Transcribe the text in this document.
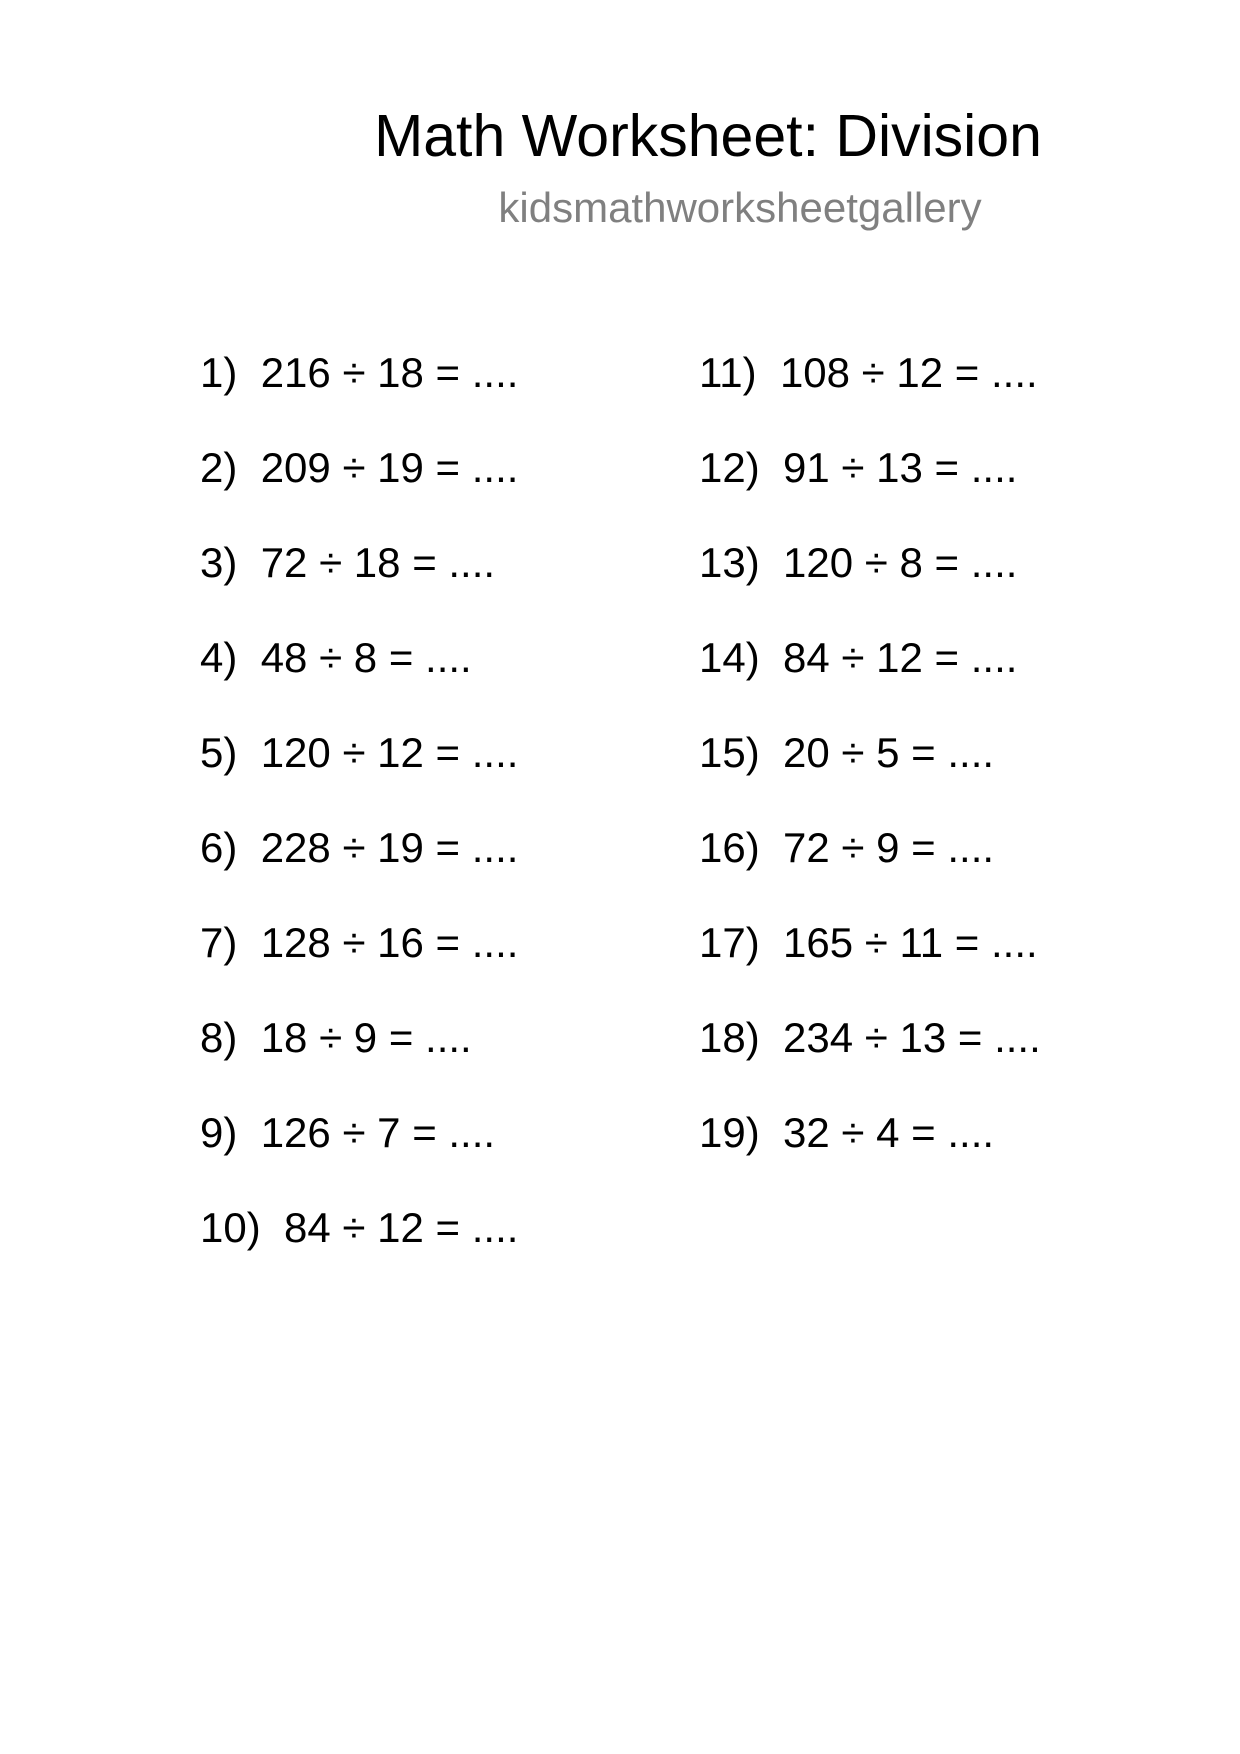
Math Worksheet: Division
kidsmathworksheetgallery
1) 216 ÷ 18 = ....
2) 209 ÷ 19 = ....
3) 72 ÷ 18 = ....
4) 48 ÷ 8 = ....
5) 120 ÷ 12 = ....
6) 228 ÷ 19 = ....
7) 128 ÷ 16 = ....
8) 18 ÷ 9 = ....
9) 126 ÷ 7 = ....
10) 84 ÷ 12 = ....
11) 108 ÷ 12 = ....
12) 91 ÷ 13 = ....
13) 120 ÷ 8 = ....
14) 84 ÷ 12 = ....
15) 20 ÷ 5 = ....
16) 72 ÷ 9 = ....
17) 165 ÷ 11 = ....
18) 234 ÷ 13 = ....
19) 32 ÷ 4 = ....
